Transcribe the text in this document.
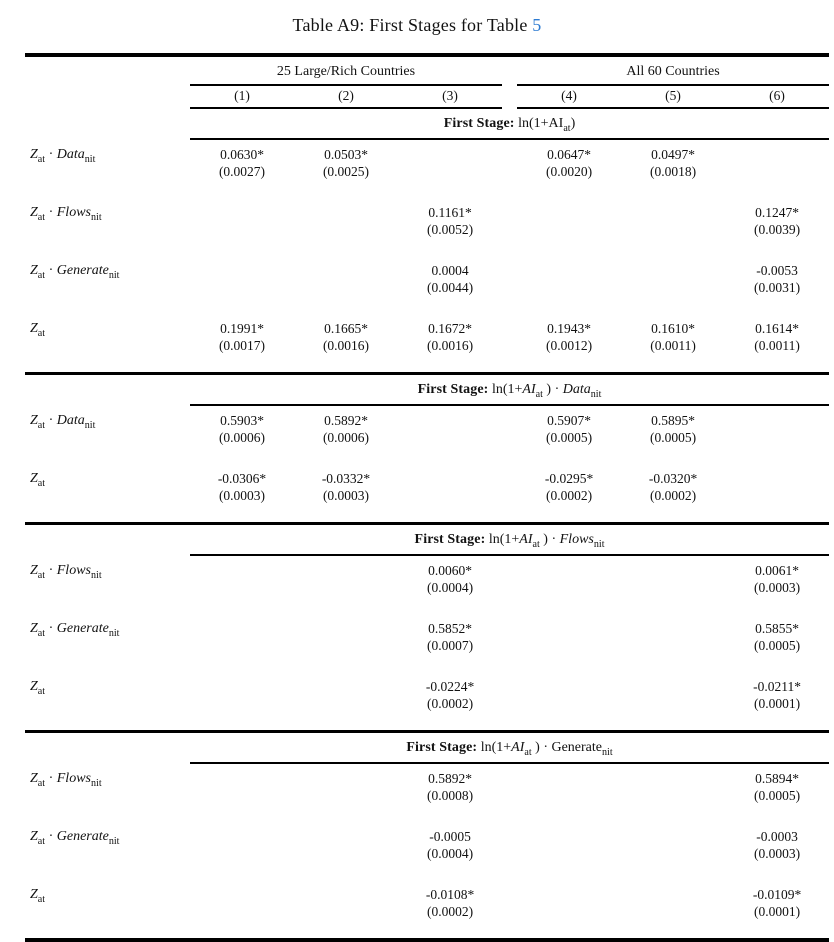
Table A9: First Stages for Table 5
	25 Large/Rich Countries				All 60 Countries		
	(1)	(2)	(3)		(4)	(5)	(6)
	First Stage: $\ln(1+AI_{at})$						
$Z_{at}$ · Data$_{nit}$	0.0630*	0.0503*			0.0647*	0.0497*	
	(0.0027)	(0.0025)			(0.0020)	(0.0018)	
$Z_{at}$ · Flows$_{nit}$			0.1161*				0.1247*
			(0.0052)				(0.0039)
$Z_{at}$ · Generate$_{nit}$			0.0004				-0.0053
			(0.0044)				(0.0031)
$Z_{at}$	0.1991*	0.1665*	0.1672*		0.1943*	0.1610*	0.1614*
	(0.0017)	(0.0016)	(0.0016)		(0.0012)	(0.0011)	(0.0011)

	First Stage: $\ln(1+AI_{at}$ ) · Data$_{nit}$
$Z_{at}$ · Data$_{nit}$	0.5903*	0.5892*			0.5907*	0.5895*	
	(0.0006)	(0.0006)			(0.0005)	(0.0005)	
$Z_{at}$	-0.0306*	-0.0332*			-0.0295*	-0.0320*	
	(0.0003)	(0.0003)			(0.0002)	(0.0002)	

	First Stage: $\ln(1+AI_{at}$ ) · Flows$_{nit}$
$Z_{at}$ · Flows$_{nit}$			0.0060*				0.0061*
			(0.0004)				(0.0003)
$Z_{at}$ · Generate$_{nit}$			0.5852*				0.5855*
			(0.0007)				(0.0005)
$Z_{at}$			-0.0224*				-0.0211*
			(0.0002)				(0.0001)

	First Stage: $\ln(1+AI_{at}$ ) · Generate$_{nit}$
$Z_{at}$ · Flows$_{nit}$			0.5892*				0.5894*
			(0.0008)				(0.0005)
$Z_{at}$ · Generate$_{nit}$			-0.0005				-0.0003
			(0.0004)				(0.0003)
$Z_{at}$			-0.0108*				-0.0109*
			(0.0002)				(0.0001)
